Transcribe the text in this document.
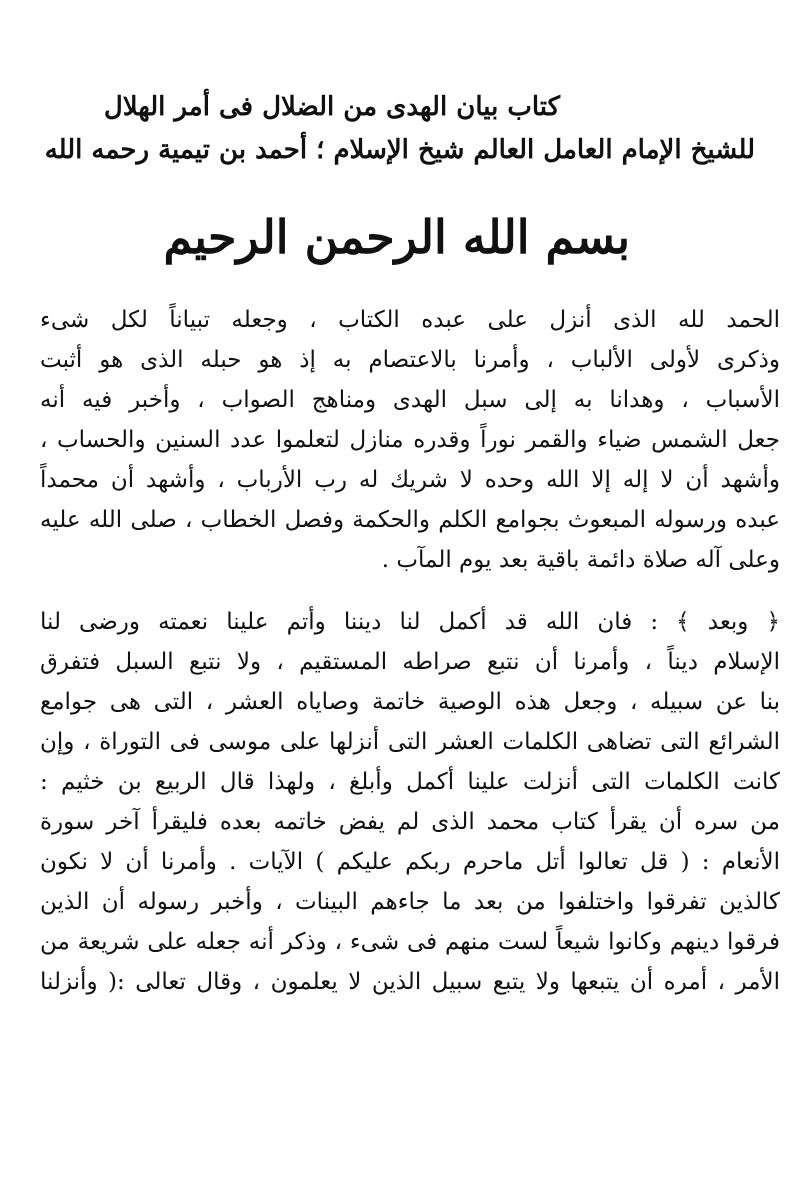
كتاب بيان الهدى من الضلال فى أمر الهلال
للشيخ الإمام العامل العالم شيخ الإسلام ؛ أحمد بن تيمية رحمه الله
بسم الله الرحمن الرحيم
الحمد لله الذى أنزل على عبده الكتاب ، وجعله تبياناً لكل شىء
وذكرى لأولى الألباب ، وأمرنا بالاعتصام به إذ هو حبله الذى هو أثبت
الأسباب ، وهدانا به إلى سبل الهدى ومناهج الصواب ، وأخبر فيه أنه
جعل الشمس ضياء والقمر نوراً وقدره منازل لتعلموا عدد السنين والحساب ،
وأشهد أن لا إله إلا الله وحده لا شريك له رب الأرباب ، وأشهد أن محمداً
عبده ورسوله المبعوث بجوامع الكلم والحكمة وفصل الخطاب ، صلى الله عليه
وعلى آله صلاة دائمة باقية بعد يوم المآب .
﴿ وبعد ﴾ : فان الله قد أكمل لنا ديننا وأتم علينا نعمته ورضى لنا
الإسلام ديناً ، وأمرنا أن نتبع صراطه المستقيم ، ولا نتبع السبل فتفرق
بنا عن سبيله ، وجعل هذه الوصية خاتمة وصاياه العشر ، التى هى جوامع
الشرائع التى تضاهى الكلمات العشر التى أنزلها على موسى فى التوراة ، وإن
كانت الكلمات التى أنزلت علينا أكمل وأبلغ ، ولهذا قال الربيع بن خثيم :
من سره أن يقرأ كتاب محمد الذى لم يفض خاتمه بعده فليقرأ آخر سورة
الأنعام : ( قل تعالوا أتل ماحرم ربكم عليكم ) الآيات . وأمرنا أن لا نكون
كالذين تفرقوا واختلفوا من بعد ما جاءهم البينات ، وأخبر رسوله أن الذين
فرقوا دينهم وكانوا شيعاً لست منهم فى شىء ، وذكر أنه جعله على شريعة من
الأمر ، أمره أن يتبعها ولا يتبع سبيل الذين لا يعلمون ، وقال تعالى :( وأنزلنا
